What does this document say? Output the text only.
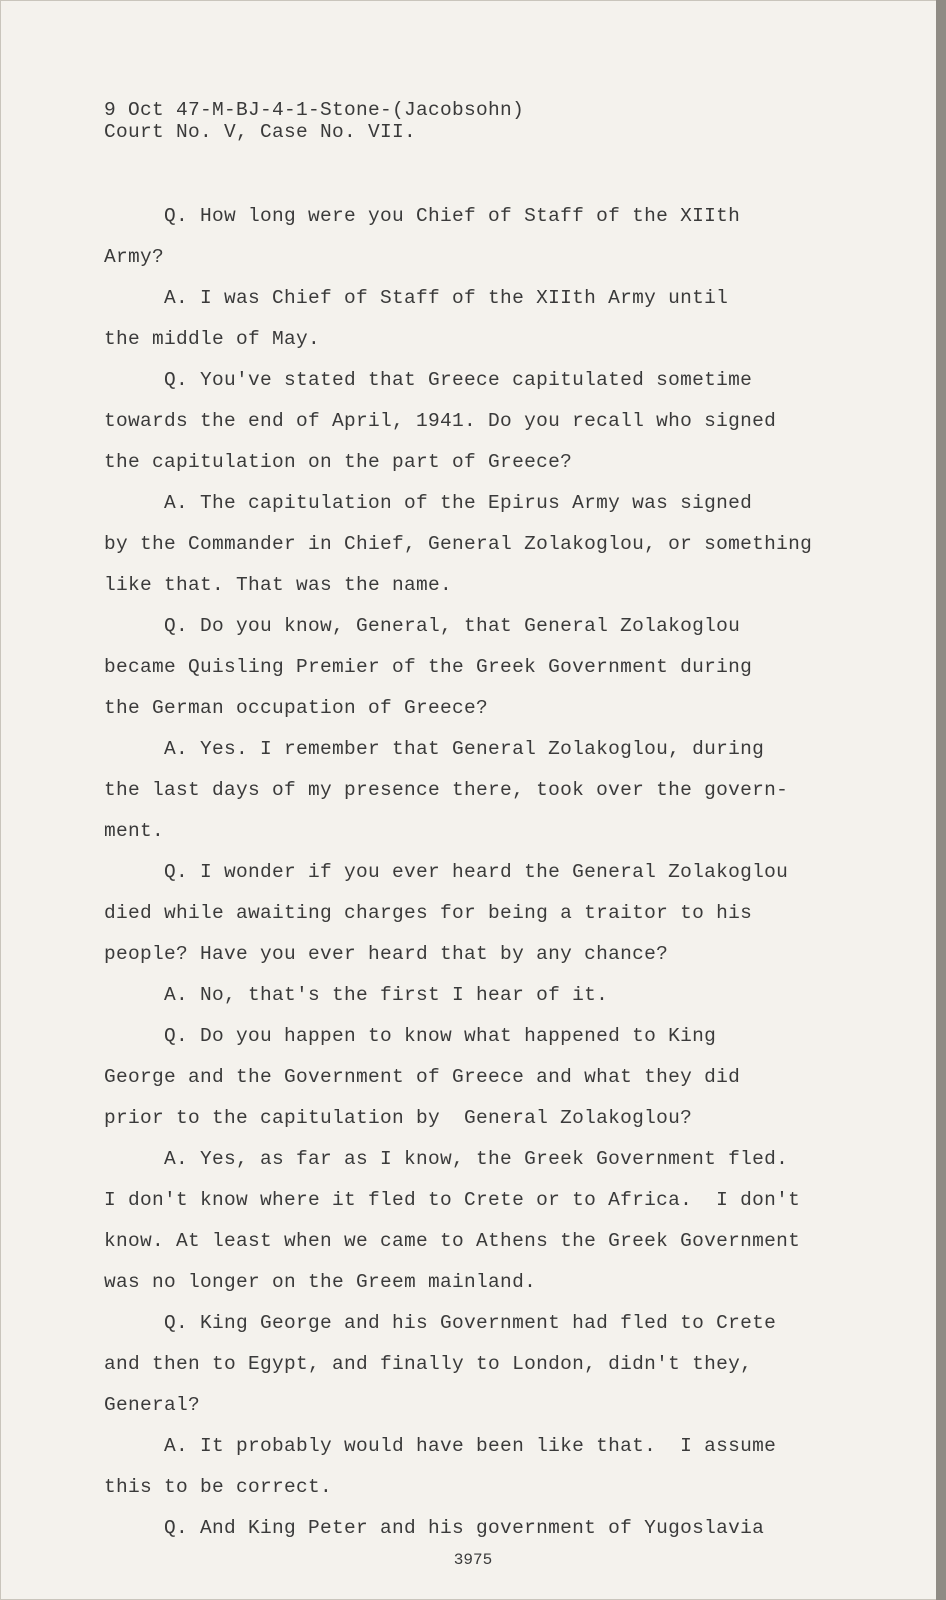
9 Oct 47-M-BJ-4-1-Stone-(Jacobsohn)
Court No. V, Case No. VII.
Q. How long were you Chief of Staff of the XIIth
Army?
A. I was Chief of Staff of the XIIth Army until
the middle of May.
Q. You've stated that Greece capitulated sometime
towards the end of April, 1941. Do you recall who signed
the capitulation on the part of Greece?
A. The capitulation of the Epirus Army was signed
by the Commander in Chief, General Zolakoglou, or something
like that. That was the name.
Q. Do you know, General, that General Zolakoglou
became Quisling Premier of the Greek Government during
the German occupation of Greece?
A. Yes. I remember that General Zolakoglou, during
the last days of my presence there, took over the govern-
ment.
Q. I wonder if you ever heard the General Zolakoglou
died while awaiting charges for being a traitor to his
people? Have you ever heard that by any chance?
A. No, that's the first I hear of it.
Q. Do you happen to know what happened to King
George and the Government of Greece and what they did
prior to the capitulation by  General Zolakoglou?
A. Yes, as far as I know, the Greek Government fled.
I don't know where it fled to Crete or to Africa.  I don't
know. At least when we came to Athens the Greek Government
was no longer on the Greem mainland.
Q. King George and his Government had fled to Crete
and then to Egypt, and finally to London, didn't they,
General?
A. It probably would have been like that.  I assume
this to be correct.
Q. And King Peter and his government of Yugoslavia
3975
